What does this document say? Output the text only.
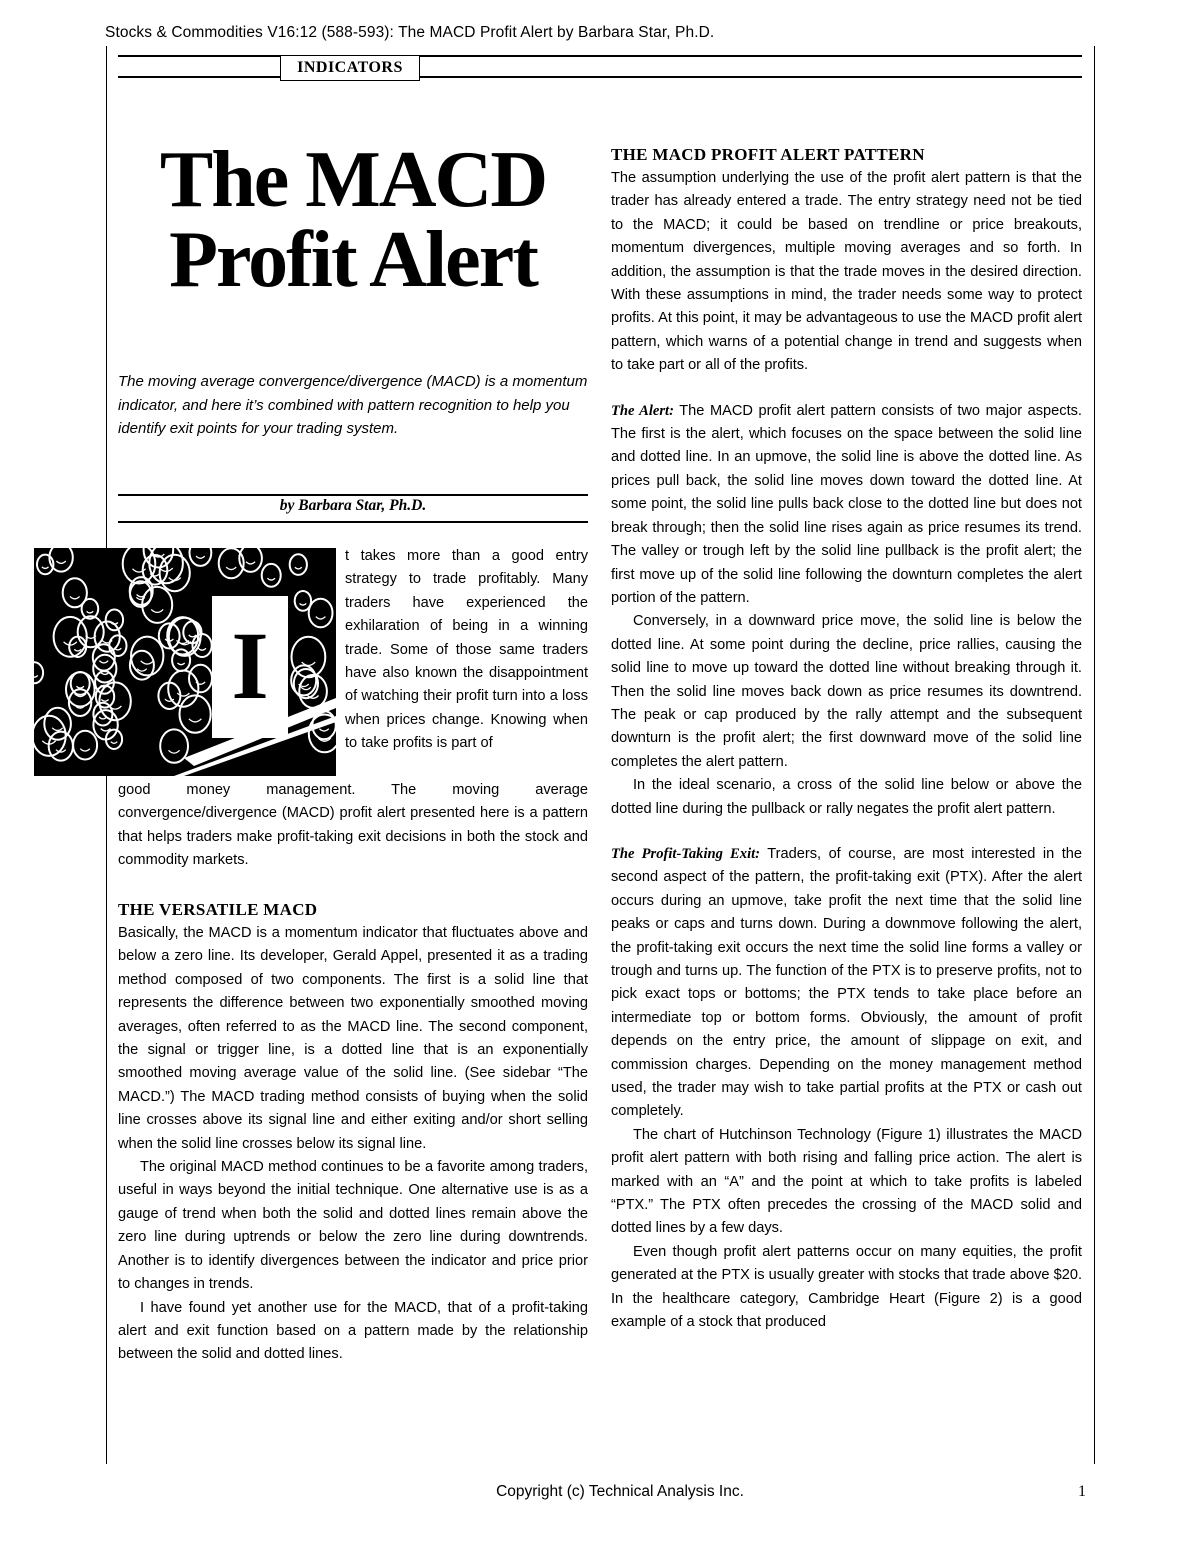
Stocks & Commodities V16:12 (588-593): The MACD Profit Alert by Barbara Star, Ph.D.
INDICATORS
The MACD
Profit Alert
The moving average convergence/divergence (MACD) is a momentum indicator, and here it’s combined with pattern recognition to help you identify exit points for your trading system.
by Barbara Star, Ph.D.
I

t takes more than a good entry strategy to trade profitably. Many traders have experienced the exhilaration of being in a winning trade. Some of those same traders have also known the disappointment of watching their profit turn into a loss when prices change. Knowing when to take profits is part of

good money management. The moving average convergence/divergence (MACD) profit alert presented here is a pattern that helps traders make profit-taking exit decisions in both the stock and commodity markets.

THE VERSATILE MACD

Basically, the MACD is a momentum indicator that fluctuates above and below a zero line. Its developer, Gerald Appel, presented it as a trading method composed of two components. The first is a solid line that represents the difference between two exponentially smoothed moving averages, often referred to as the MACD line. The second component, the signal or trigger line, is a dotted line that is an exponentially smoothed moving average value of the solid line. (See sidebar “The MACD.”) The MACD trading method consists of buying when the solid line crosses above its signal line and either exiting and/or short selling when the solid line crosses below its signal line.

The original MACD method continues to be a favorite among traders, useful in ways beyond the initial technique. One alternative use is as a gauge of trend when both the solid and dotted lines remain above the zero line during uptrends or below the zero line during downtrends. Another is to identify divergences between the indicator and price prior to changes in trends.

I have found yet another use for the MACD, that of a profit-taking alert and exit function based on a pattern made by the relationship between the solid and dotted lines.

THE MACD PROFIT ALERT PATTERN

The assumption underlying the use of the profit alert pattern is that the trader has already entered a trade. The entry strategy need not be tied to the MACD; it could be based on trendline or price breakouts, momentum divergences, multiple moving averages and so forth. In addition, the assumption is that the trade moves in the desired direction. With these assumptions in mind, the trader needs some way to protect profits. At this point, it may be advantageous to use the MACD profit alert pattern, which warns of a potential change in trend and suggests when to take part or all of the profits.

The Alert: The MACD profit alert pattern consists of two major aspects. The first is the alert, which focuses on the space between the solid line and dotted line. In an upmove, the solid line is above the dotted line. As prices pull back, the solid line moves down toward the dotted line. At some point, the solid line pulls back close to the dotted line but does not break through; then the solid line rises again as price resumes its trend. The valley or trough left by the solid line pullback is the profit alert; the first move up of the solid line following the downturn completes the alert portion of the pattern.

Conversely, in a downward price move, the solid line is below the dotted line. At some point during the decline, price rallies, causing the solid line to move up toward the dotted line without breaking through it. Then the solid line moves back down as price resumes its downtrend. The peak or cap produced by the rally attempt and the subsequent downturn is the profit alert; the first downward move of the solid line completes the alert pattern.

In the ideal scenario, a cross of the solid line below or above the dotted line during the pullback or rally negates the profit alert pattern.

The Profit-Taking Exit: Traders, of course, are most interested in the second aspect of the pattern, the profit-taking exit (PTX). After the alert occurs during an upmove, take profit the next time that the solid line peaks or caps and turns down. During a downmove following the alert, the profit-taking exit occurs the next time the solid line forms a valley or trough and turns up. The function of the PTX is to preserve profits, not to pick exact tops or bottoms; the PTX tends to take place before an intermediate top or bottom forms. Obviously, the amount of profit depends on the entry price, the amount of slippage on exit, and commission charges. Depending on the money management method used, the trader may wish to take partial profits at the PTX or cash out completely.

The chart of Hutchinson Technology (Figure 1) illustrates the MACD profit alert pattern with both rising and falling price action. The alert is marked with an “A” and the point at which to take profits is labeled “PTX.” The PTX often precedes the crossing of the MACD solid and dotted lines by a few days.

Even though profit alert patterns occur on many equities, the profit generated at the PTX is usually greater with stocks that trade above $20. In the healthcare category, Cambridge Heart (Figure 2) is a good example of a stock that produced

Copyright (c) Technical Analysis Inc.	1
